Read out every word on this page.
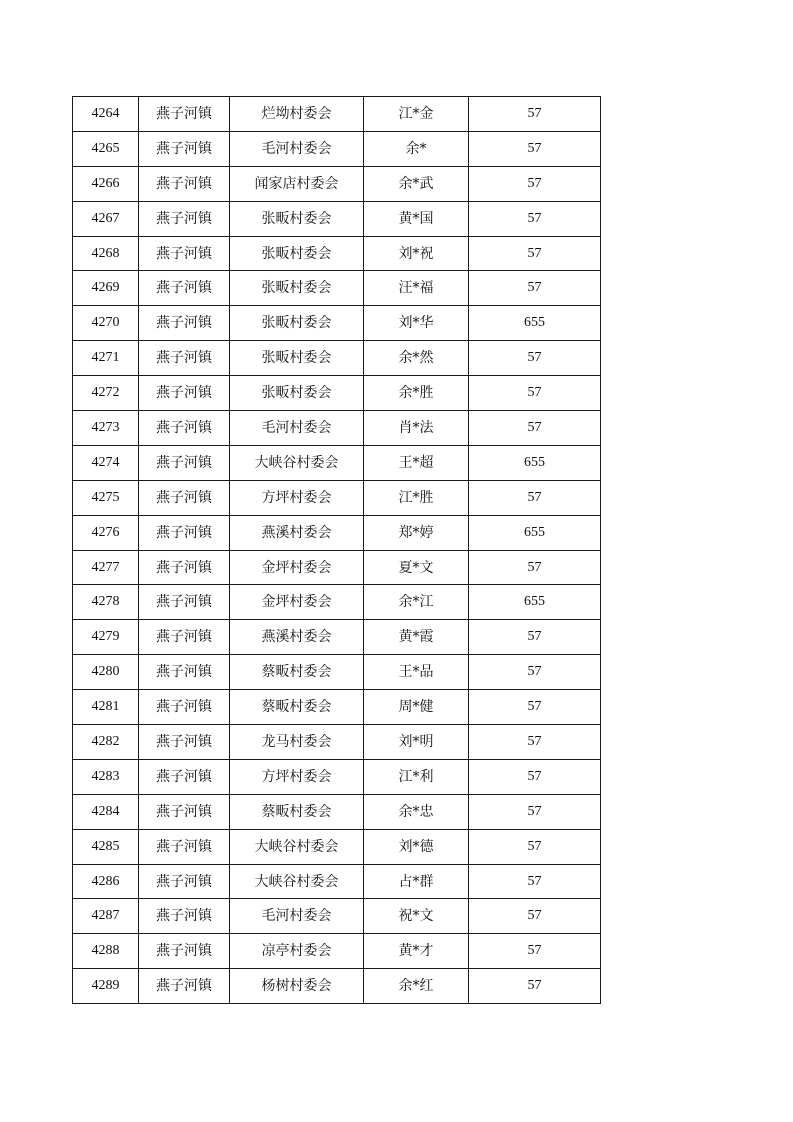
4264	燕子河镇	烂坳村委会	江*金	57
4265	燕子河镇	毛河村委会	余*	57
4266	燕子河镇	闻家店村委会	余*武	57
4267	燕子河镇	张畈村委会	黄*国	57
4268	燕子河镇	张畈村委会	刘*祝	57
4269	燕子河镇	张畈村委会	汪*福	57
4270	燕子河镇	张畈村委会	刘*华	655
4271	燕子河镇	张畈村委会	余*然	57
4272	燕子河镇	张畈村委会	余*胜	57
4273	燕子河镇	毛河村委会	肖*法	57
4274	燕子河镇	大峡谷村委会	王*超	655
4275	燕子河镇	方坪村委会	江*胜	57
4276	燕子河镇	燕溪村委会	郑*婷	655
4277	燕子河镇	金坪村委会	夏*文	57
4278	燕子河镇	金坪村委会	余*江	655
4279	燕子河镇	燕溪村委会	黄*霞	57
4280	燕子河镇	蔡畈村委会	王*品	57
4281	燕子河镇	蔡畈村委会	周*健	57
4282	燕子河镇	龙马村委会	刘*明	57
4283	燕子河镇	方坪村委会	江*利	57
4284	燕子河镇	蔡畈村委会	余*忠	57
4285	燕子河镇	大峡谷村委会	刘*德	57
4286	燕子河镇	大峡谷村委会	占*群	57
4287	燕子河镇	毛河村委会	祝*文	57
4288	燕子河镇	凉亭村委会	黄*才	57
4289	燕子河镇	杨树村委会	余*红	57
